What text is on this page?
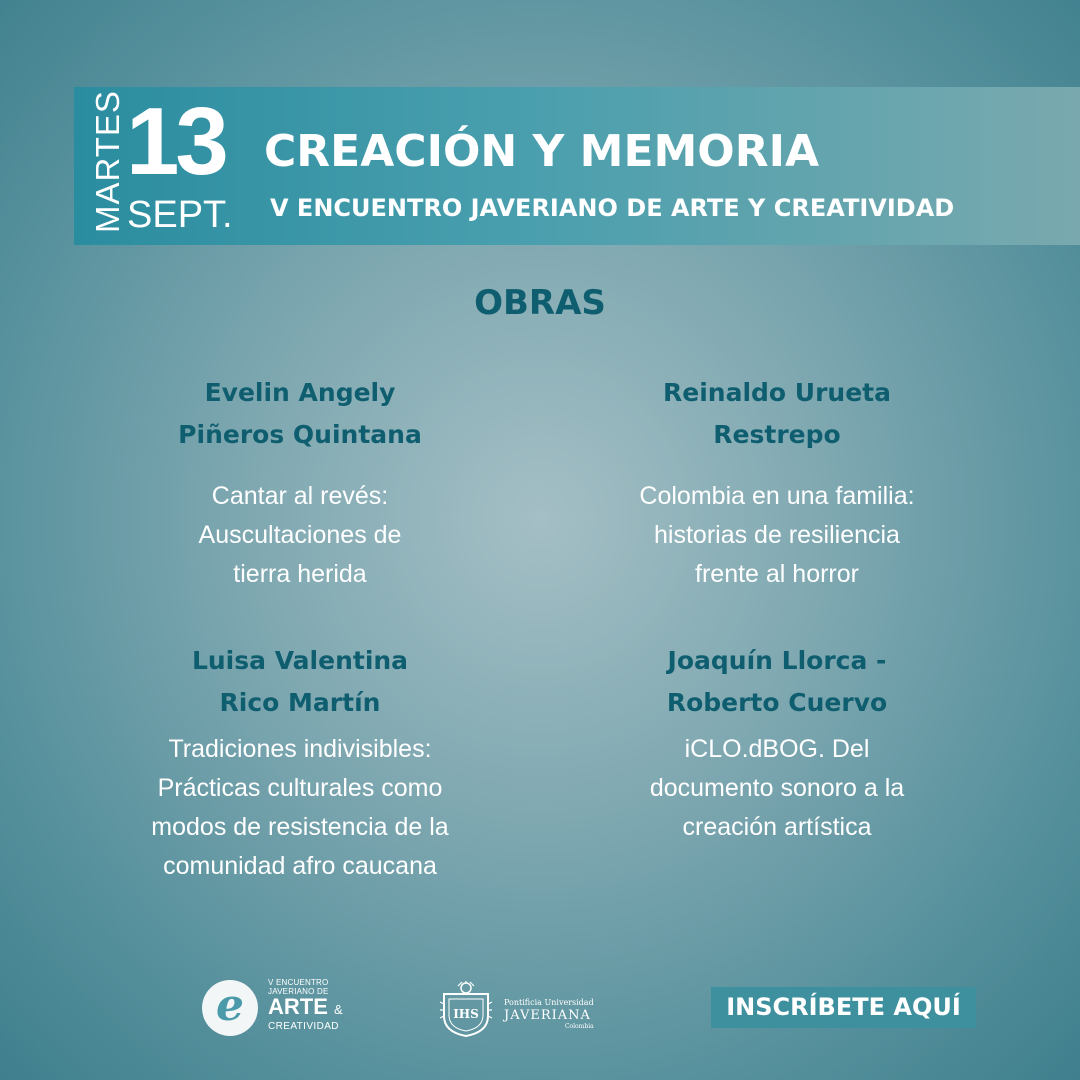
MARTES 13
SEPT.
CREACIÓN Y MEMORIA
V ENCUENTRO JAVERIANO DE ARTE Y CREATIVIDAD
OBRAS
Evelin Angely
Piñeros Quintana
Cantar al revés:
Auscultaciones de
tierra herida
Reinaldo Urueta
Restrepo
Colombia en una familia:
historias de resiliencia
frente al horror
Luisa Valentina
Rico Martín
Tradiciones indivisibles:
Prácticas culturales como
modos de resistencia de la
comunidad afro caucana
Joaquín Llorca -
Roberto Cuervo
iCLO.dBOG. Del
documento sonoro a la
creación artística
e	V ENCUENTRO
JAVERIANO DE
ARTE &
CREATIVIDAD
IHS
Pontificia Universidad
JAVERIANA
Colombia
INSCRÍBETE AQUÍ
